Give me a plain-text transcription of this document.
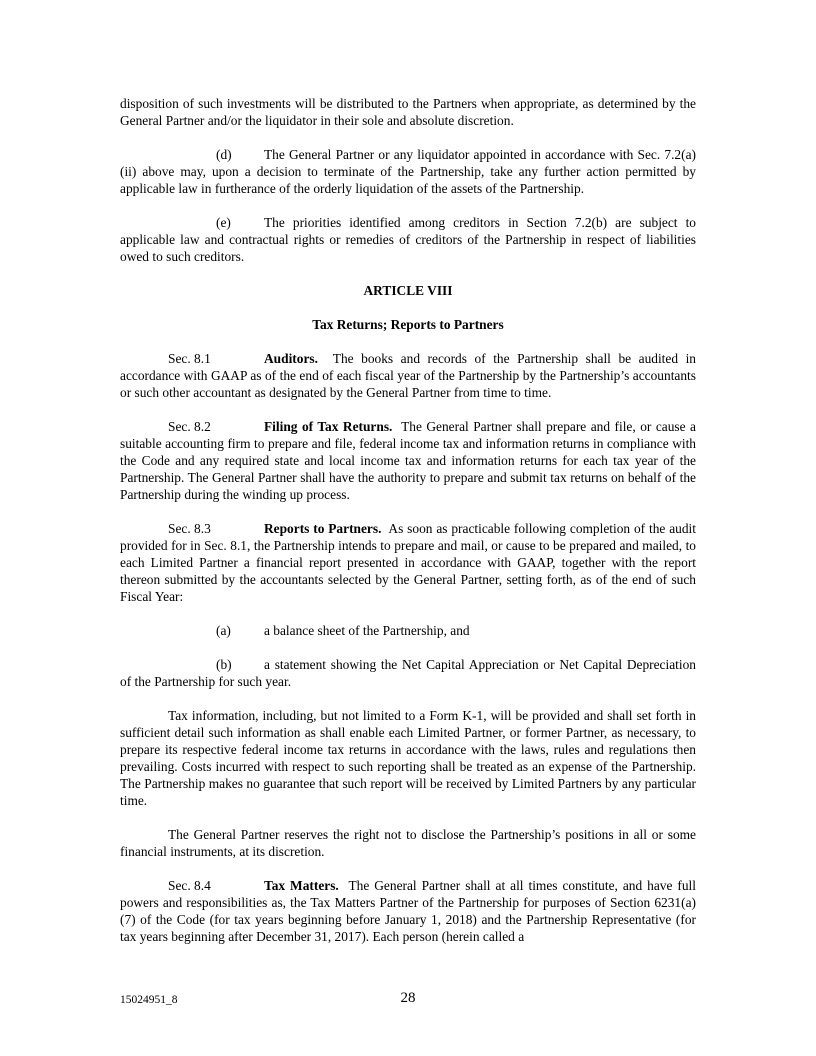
disposition of such investments will be distributed to the Partners when appropriate, as determined by the General Partner and/or the liquidator in their sole and absolute discretion.

(d) The General Partner or any liquidator appointed in accordance with Sec. 7.2(a)(ii) above may, upon a decision to terminate of the Partnership, take any further action permitted by applicable law in furtherance of the orderly liquidation of the assets of the Partnership.

(e) The priorities identified among creditors in Section 7.2(b) are subject to applicable law and contractual rights or remedies of creditors of the Partnership in respect of liabilities owed to such creditors.

ARTICLE VIII
Tax Returns; Reports to Partners

Sec. 8.1	Auditors. The books and records of the Partnership shall be audited in accordance with GAAP as of the end of each fiscal year of the Partnership by the Partnership’s accountants or such other accountant as designated by the General Partner from time to time.

Sec. 8.2	Filing of Tax Returns. The General Partner shall prepare and file, or cause a suitable accounting firm to prepare and file, federal income tax and information returns in compliance with the Code and any required state and local income tax and information returns for each tax year of the Partnership. The General Partner shall have the authority to prepare and submit tax returns on behalf of the Partnership during the winding up process.

Sec. 8.3	Reports to Partners. As soon as practicable following completion of the audit provided for in Sec. 8.1, the Partnership intends to prepare and mail, or cause to be prepared and mailed, to each Limited Partner a financial report presented in accordance with GAAP, together with the report thereon submitted by the accountants selected by the General Partner, setting forth, as of the end of such Fiscal Year:

(a) a balance sheet of the Partnership, and

(b) a statement showing the Net Capital Appreciation or Net Capital Depreciation of the Partnership for such year.

Tax information, including, but not limited to a Form K-1, will be provided and shall set forth in sufficient detail such information as shall enable each Limited Partner, or former Partner, as necessary, to prepare its respective federal income tax returns in accordance with the laws, rules and regulations then prevailing. Costs incurred with respect to such reporting shall be treated as an expense of the Partnership. The Partnership makes no guarantee that such report will be received by Limited Partners by any particular time.

The General Partner reserves the right not to disclose the Partnership’s positions in all or some financial instruments, at its discretion.

Sec. 8.4	Tax Matters. The General Partner shall at all times constitute, and have full powers and responsibilities as, the Tax Matters Partner of the Partnership for purposes of Section 6231(a)(7) of the Code (for tax years beginning before January 1, 2018) and the Partnership Representative (for tax years beginning after December 31, 2017). Each person (herein called a

15024951_8	28
